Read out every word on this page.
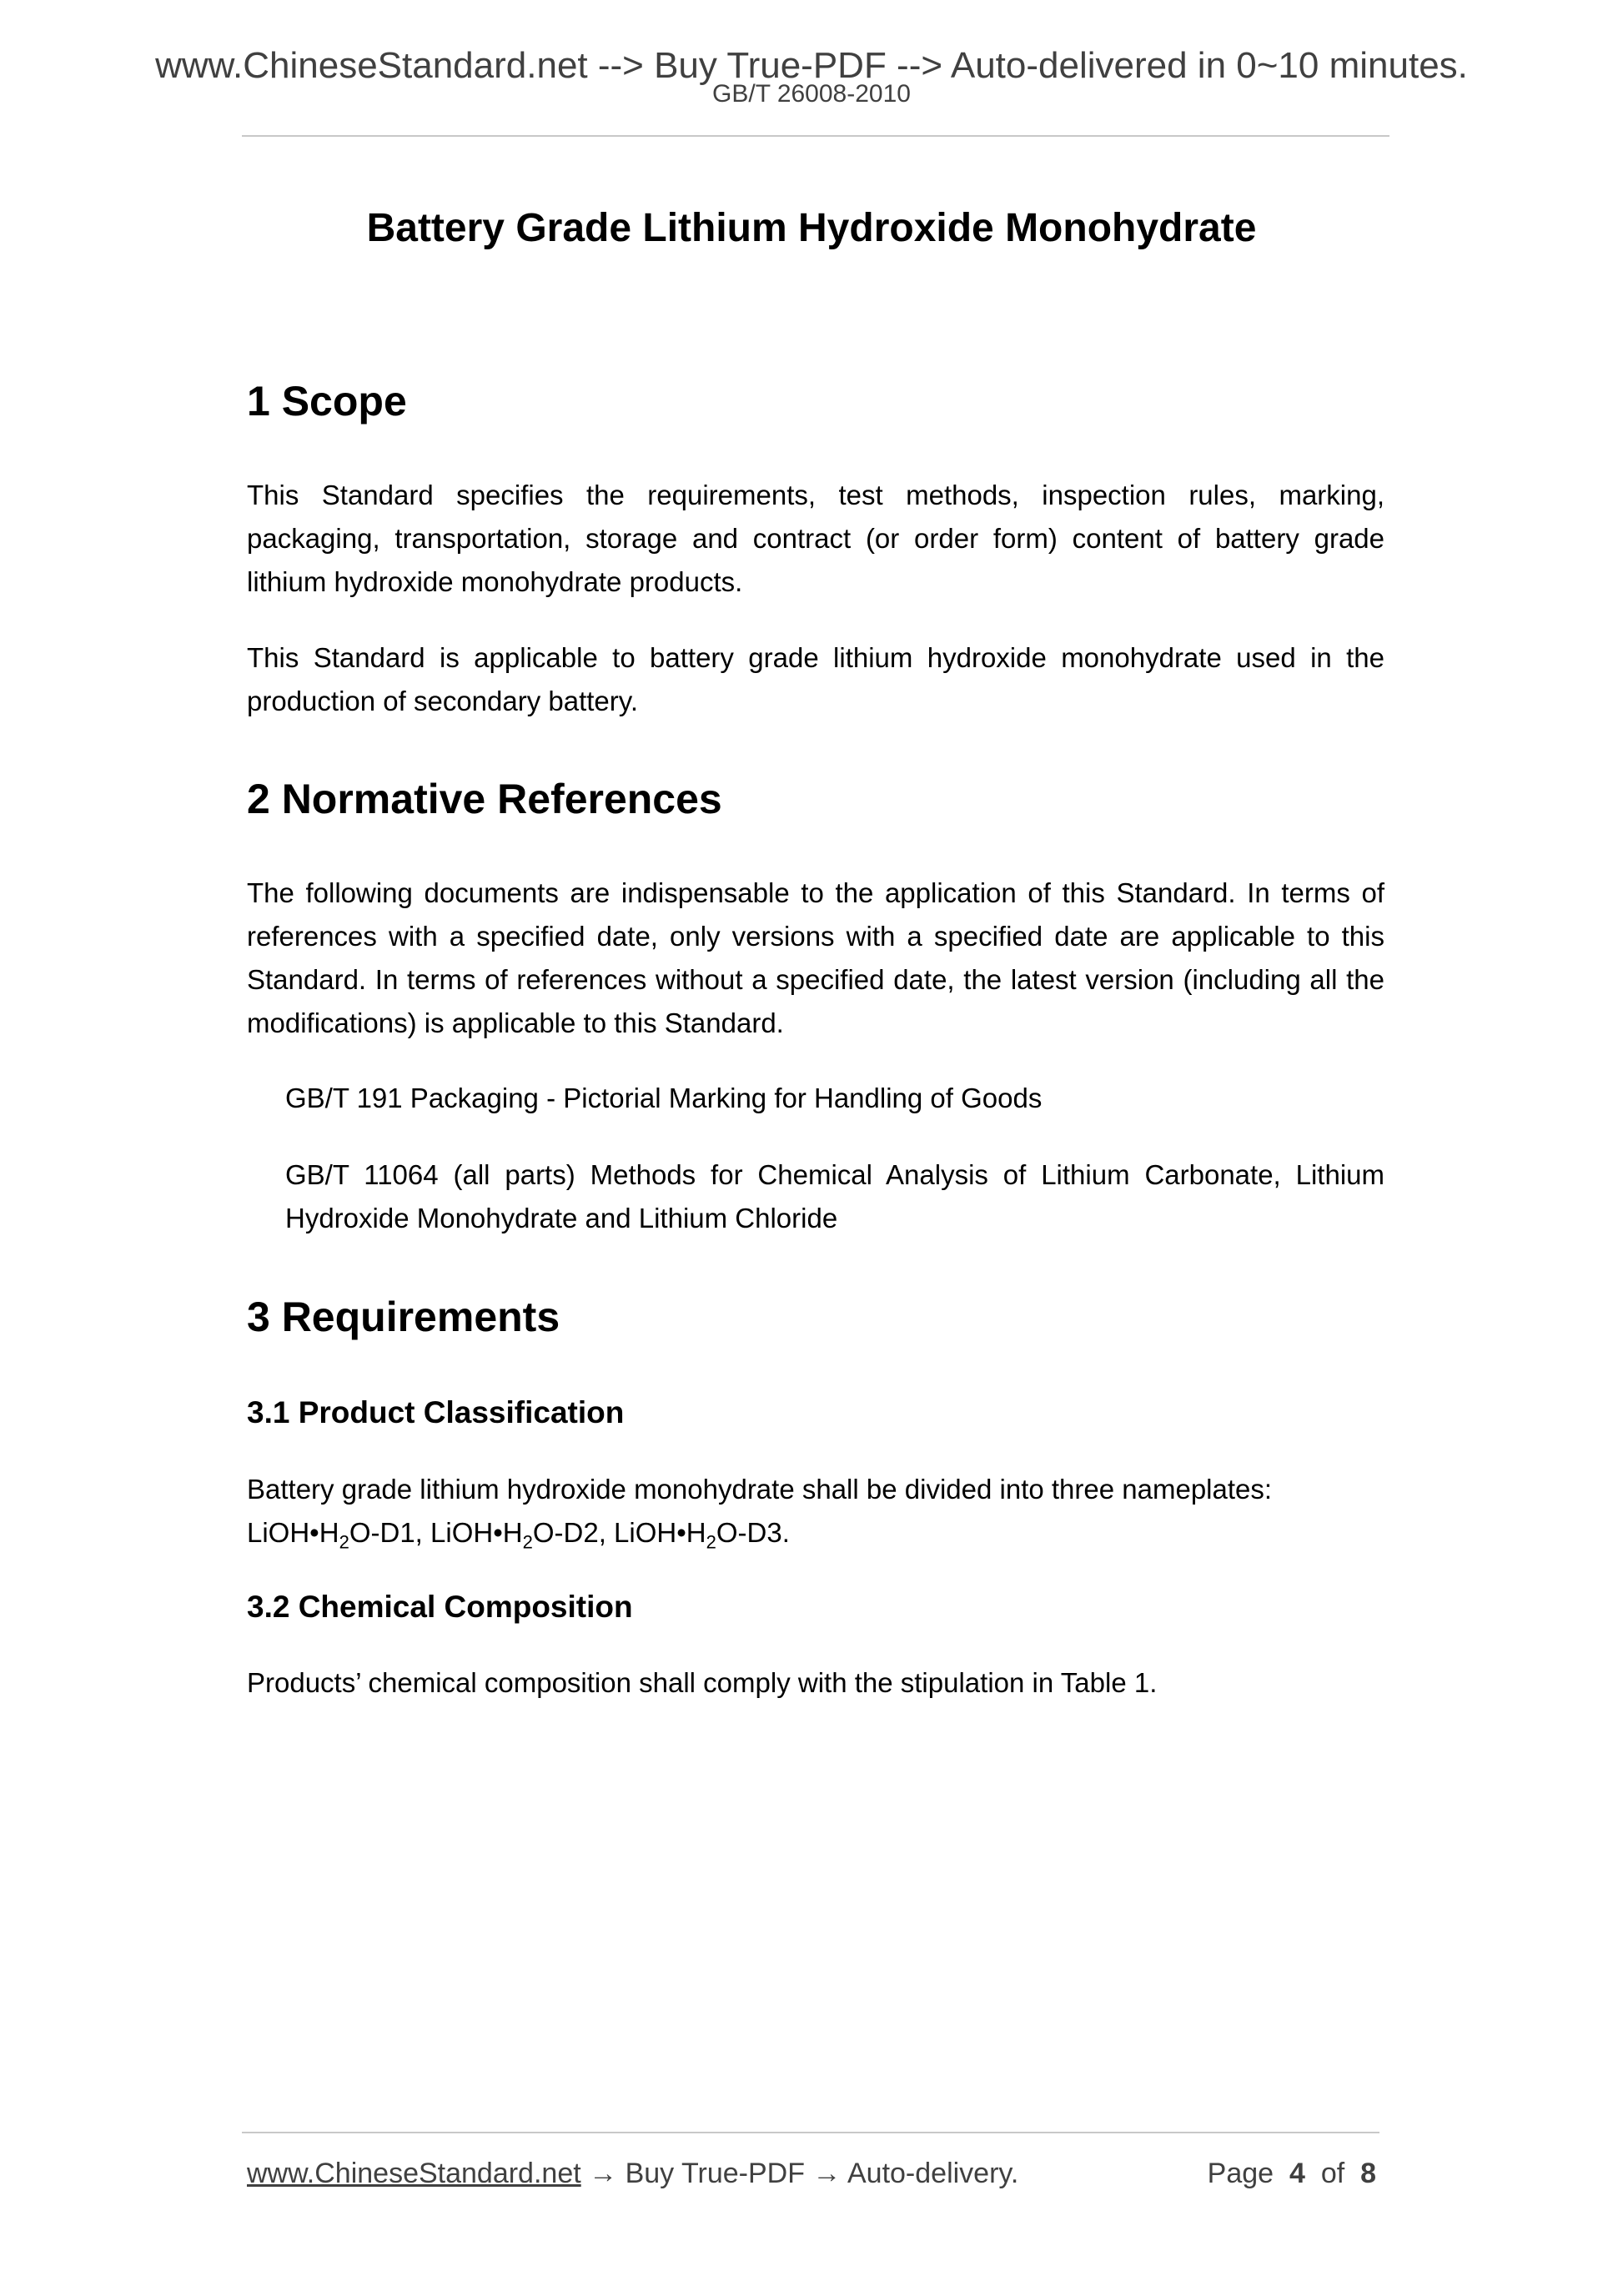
www.ChineseStandard.net --> Buy True-PDF --> Auto-delivered in 0~10 minutes.
GB/T 26008-2010
Battery Grade Lithium Hydroxide Monohydrate
1 Scope

This Standard specifies the requirements, test methods, inspection rules, marking, packaging, transportation, storage and contract (or order form) content of battery grade lithium hydroxide monohydrate products.

This Standard is applicable to battery grade lithium hydroxide monohydrate used in the production of secondary battery.

2 Normative References

The following documents are indispensable to the application of this Standard. In terms of references with a specified date, only versions with a specified date are applicable to this Standard. In terms of references without a specified date, the latest version (including all the modifications) is applicable to this Standard.

GB/T 191 Packaging - Pictorial Marking for Handling of Goods

GB/T 11064 (all parts) Methods for Chemical Analysis of Lithium Carbonate, Lithium Hydroxide Monohydrate and Lithium Chloride

3 Requirements
3.1 Product Classification
Battery grade lithium hydroxide monohydrate shall be divided into three nameplates:
$LiOH•H_2O-D1$, $LiOH•H_2O-D2$, $LiOH•H_2O-D3$.
3.2 Chemical Composition

Products’ chemical composition shall comply with the stipulation in Table 1.

www.ChineseStandard.net → Buy True-PDF → Auto-delivery.	Page 4 of 8
